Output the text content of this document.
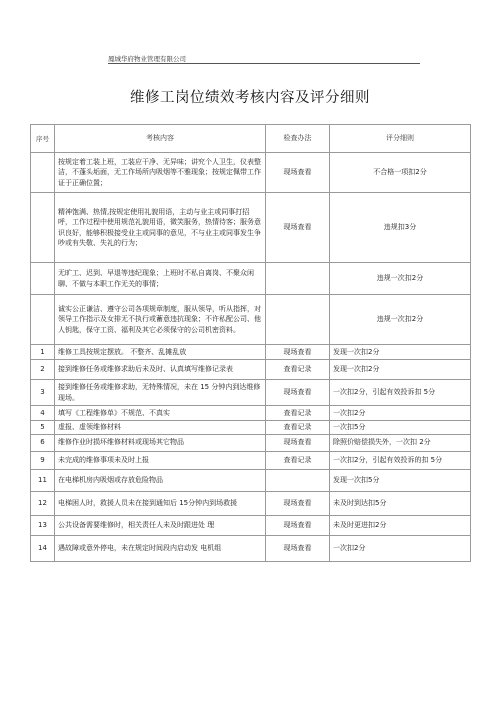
鳳城华府物业管理有限公司
维修工岗位绩效考核内容及评分细则
序号	考核内容	检查办法	评分细则
	按规定着工装上班，工装应干净、无异味；讲究个人卫生，仪表整洁，不蓬头垢面，无工作场所内吸烟等不雅现象；按规定佩带工作证于正确位置；	现场查看	不合格一项扣2分
	精神饱满、热情,按规定使用礼貌用语，主动与业主或同事打招呼，工作过程中使用规范礼貌用语，微笑服务，热情待客；服务意识良好，能够积极接受业主或同事的意见，不与业主或同事发生争吵或有失敬、失礼的行为；	现场查看	违规扣3分
	无旷工、迟到、早退等违纪现象；上班时不私自离岗、不聚众闲聊、不做与本职工作无关的事情；		违规一次扣2分
	诚实公正谦洁、遵守公司各项规章制度，服从领导，听从指挥，对领导工作指示及女排无不执行或蓄意违抗现象；不许私配公司、他人钥匙，保守工资、福利及其它必须保守的公司机密资料。		违规一次扣2分
1	维修工具按规定摆放。 不整齐、乱摊乱放	现场查看	发现一次扣2分
2	接到维修任务或维修求助后未及时、认真填写维修记录表	查看记录	发现一次扣2分
3	接到维修任务或维修求助，无特殊情况，未在 15 分钟内到达维修现场。	现场查看	一次扣2分，引起有效投诉扣 5分
4	填写《工程维修单》不规范、不真实	查看记录	一次扣2分
5	虚报、虚领维修材料	查看记录	一次扣5分
6	维修作业时损坏维修材料或现场其它物品	现场查看	除照价赔偿损失外，一次扣 2分
9	未完成的维修事项未及时上报	查看记录	一次扣2分，引起有效投诉的扣 5分
11	在电梯机房内吸烟或存放危险物品		发现一次扣5分
12	电梯困人时，救援人员未在接到通知后 15分钟内到场救援	现场查看	未及时到达扣5分
13	公共设备需要维修时，相关责任人未及时跟进处 理	现场查看	未及时更进扣2分
14	遇故障或意外停电，未在规定时间段内启动发 电机组	现场查看	一次扣2分
